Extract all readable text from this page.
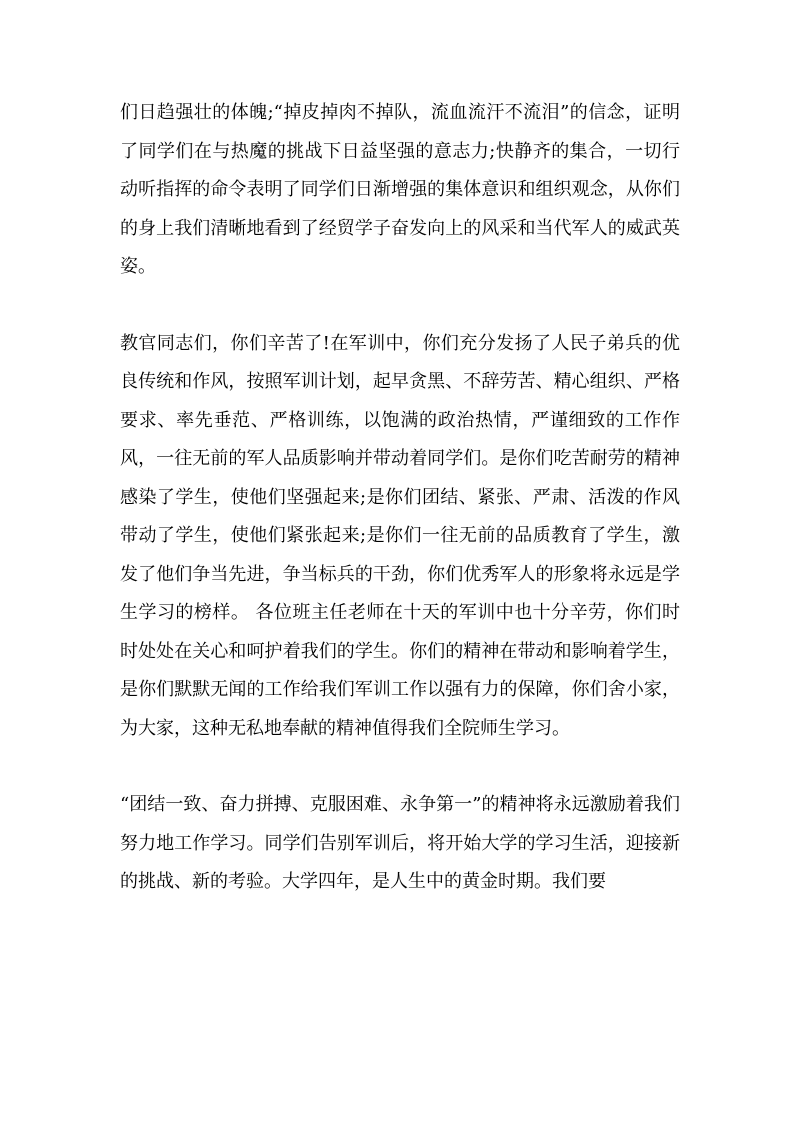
们日趋强壮的体魄;“掉皮掉肉不掉队，流血流汗不流泪”的信念，证明了同学们在与热魔的挑战下日益坚强的意志力;快静齐的集合，一切行动听指挥的命令表明了同学们日渐增强的集体意识和组织观念，从你们的身上我们清晰地看到了经贸学子奋发向上的风采和当代军人的威武英姿。

教官同志们，你们辛苦了!在军训中，你们充分发扬了人民子弟兵的优良传统和作风，按照军训计划，起早贪黑、不辞劳苦、精心组织、严格要求、率先垂范、严格训练，以饱满的政治热情，严谨细致的工作作风，一往无前的军人品质影响并带动着同学们。是你们吃苦耐劳的精神感染了学生，使他们坚强起来;是你们团结、紧张、严肃、活泼的作风带动了学生，使他们紧张起来;是你们一往无前的品质教育了学生，激发了他们争当先进，争当标兵的干劲，你们优秀军人的形象将永远是学生学习的榜样。 各位班主任老师在十天的军训中也十分辛劳，你们时时处处在关心和呵护着我们的学生。你们的精神在带动和影响着学生，是你们默默无闻的工作给我们军训工作以强有力的保障，你们舍小家，为大家，这种无私地奉献的精神值得我们全院师生学习。

“团结一致、奋力拼搏、克服困难、永争第一”的精神将永远激励着我们努力地工作学习。同学们告别军训后，将开始大学的学习生活，迎接新的挑战、新的考验。大学四年，是人生中的黄金时期。我们要
